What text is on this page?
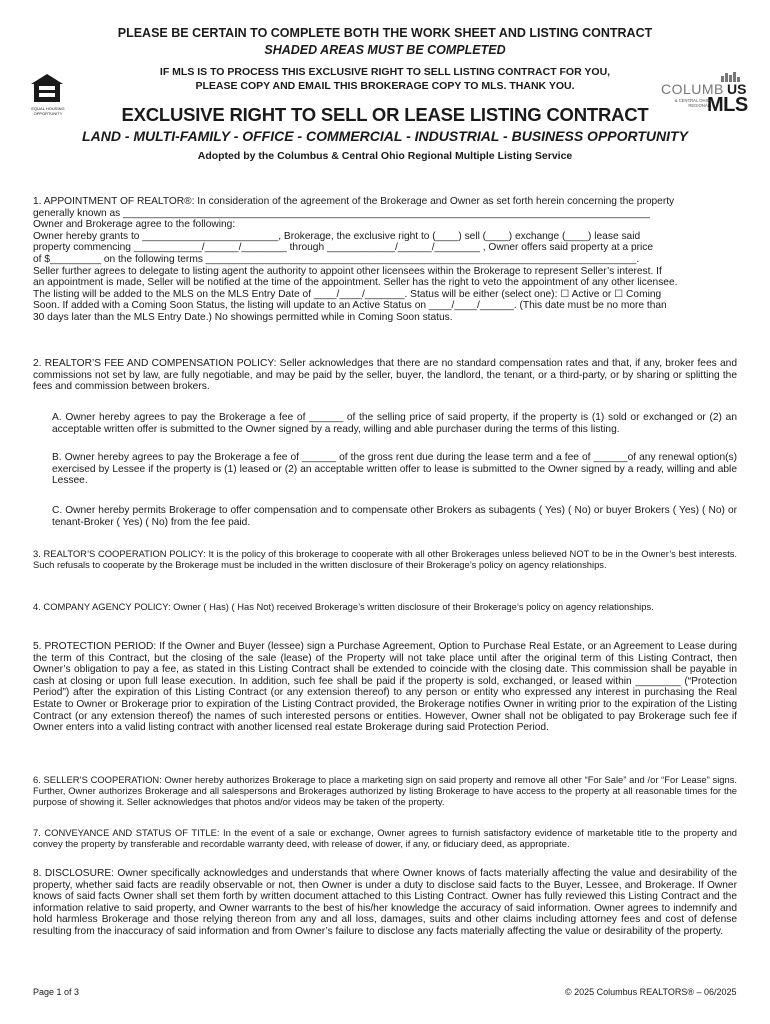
PLEASE BE CERTAIN TO COMPLETE BOTH THE WORK SHEET AND LISTING CONTRACT
SHADED AREAS MUST BE COMPLETED
IF MLS IS TO PROCESS THIS EXCLUSIVE RIGHT TO SELL LISTING CONTRACT FOR YOU,
PLEASE COPY AND EMAIL THIS BROKERAGE COPY TO MLS. THANK YOU.
EQUAL HOUSING OPPORTUNITY
COLUMB US
& CENTRAL OHIO REGIONAL
MLS
EXCLUSIVE RIGHT TO SELL OR LEASE LISTING CONTRACT
LAND - MULTI-FAMILY - OFFICE - COMMERCIAL - INDUSTRIAL - BUSINESS OPPORTUNITY
Adopted by the Columbus & Central Ohio Regional Multiple Listing Service

1. APPOINTMENT OF REALTOR®: In consideration of the agreement of the Brokerage and Owner as set forth herein concerning the property

generally known as _____________________________________________________________________________________________

Owner and Brokerage agree to the following:

Owner hereby grants to ________________________, Brokerage, the exclusive right to (____) sell (____) exchange (____) lease said

property commencing ____________/______/________ through ____________/______/________ , Owner offers said property at a price

of $_________ on the following terms ____________________________________________________________________________.

Seller further agrees to delegate to listing agent the authority to appoint other licensees within the Brokerage to represent Seller’s interest. If

an appointment is made, Seller will be notified at the time of the appointment. Seller has the right to veto the appointment of any other licensee.

The listing will be added to the MLS on the MLS Entry Date of ____/____/_______. Status will be either (select one): ☐ Active or ☐ Coming

Soon. If added with a Coming Soon Status, the listing will update to an Active Status on ____/____/______. (This date must be no more than

30 days later than the MLS Entry Date.) No showings permitted while in Coming Soon status.

2. REALTOR’S FEE AND COMPENSATION POLICY: Seller acknowledges that there are no standard compensation rates and that, if any, broker fees and commissions not set by law, are fully negotiable, and may be paid by the seller, buyer, the landlord, the tenant, or a third-party, or by sharing or splitting the fees and commission between brokers.
A. Owner hereby agrees to pay the Brokerage a fee of ______ of the selling price of said property, if the property is (1) sold or exchanged or (2) an acceptable written offer is submitted to the Owner signed by a ready, willing and able purchaser during the terms of this listing.
B. Owner hereby agrees to pay the Brokerage a fee of ______ of the gross rent due during the lease term and a fee of ______of any renewal option(s) exercised by Lessee if the property is (1) leased or (2) an acceptable written offer to lease is submitted to the Owner signed by a ready, willing and able Lessee.
C. Owner hereby permits Brokerage to offer compensation and to compensate other Brokers as subagents ( Yes) ( No) or buyer Brokers ( Yes) ( No) or tenant-Broker ( Yes) ( No) from the fee paid.
3. REALTOR’S COOPERATION POLICY: It is the policy of this brokerage to cooperate with all other Brokerages unless believed NOT to be in the Owner’s best interests. Such refusals to cooperate by the Brokerage must be included in the written disclosure of their Brokerage’s policy on agency relationships.
4. COMPANY AGENCY POLICY: Owner ( Has) ( Has Not) received Brokerage’s written disclosure of their Brokerage’s policy on agency relationships.
5. PROTECTION PERIOD: If the Owner and Buyer (lessee) sign a Purchase Agreement, Option to Purchase Real Estate, or an Agreement to Lease during the term of this Contract, but the closing of the sale (lease) of the Property will not take place until after the original term of this Listing Contract, then Owner’s obligation to pay a fee, as stated in this Listing Contract shall be extended to coincide with the closing date. This commission shall be payable in cash at closing or upon full lease execution. In addition, such fee shall be paid if the property is sold, exchanged, or leased within ________ (“Protection Period”) after the expiration of this Listing Contract (or any extension thereof) to any person or entity who expressed any interest in purchasing the Real Estate to Owner or Brokerage prior to expiration of the Listing Contract provided, the Brokerage notifies Owner in writing prior to the expiration of the Listing Contract (or any extension thereof) the names of such interested persons or entities. However, Owner shall not be obligated to pay Brokerage such fee if Owner enters into a valid listing contract with another licensed real estate Brokerage during said Protection Period.
6. SELLER’S COOPERATION: Owner hereby authorizes Brokerage to place a marketing sign on said property and remove all other “For Sale” and /or “For Lease” signs. Further, Owner authorizes Brokerage and all salespersons and Brokerages authorized by listing Brokerage to have access to the property at all reasonable times for the purpose of showing it. Seller acknowledges that photos and/or videos may be taken of the property.
7. CONVEYANCE AND STATUS OF TITLE: In the event of a sale or exchange, Owner agrees to furnish satisfactory evidence of marketable title to the property and convey the property by transferable and recordable warranty deed, with release of dower, if any, or fiduciary deed, as appropriate.
8. DISCLOSURE: Owner specifically acknowledges and understands that where Owner knows of facts materially affecting the value and desirability of the property, whether said facts are readily observable or not, then Owner is under a duty to disclose said facts to the Buyer, Lessee, and Brokerage. If Owner knows of said facts Owner shall set them forth by written document attached to this Listing Contract. Owner has fully reviewed this Listing Contract and the information relative to said property, and Owner warrants to the best of his/her knowledge the accuracy of said information. Owner agrees to indemnify and hold harmless Brokerage and those relying thereon from any and all loss, damages, suits and other claims including attorney fees and cost of defense resulting from the inaccuracy of said information and from Owner’s failure to disclose any facts materially affecting the value or desirability of the property.
Page 1 of 3	© 2025 Columbus REALTORS® – 06/2025
